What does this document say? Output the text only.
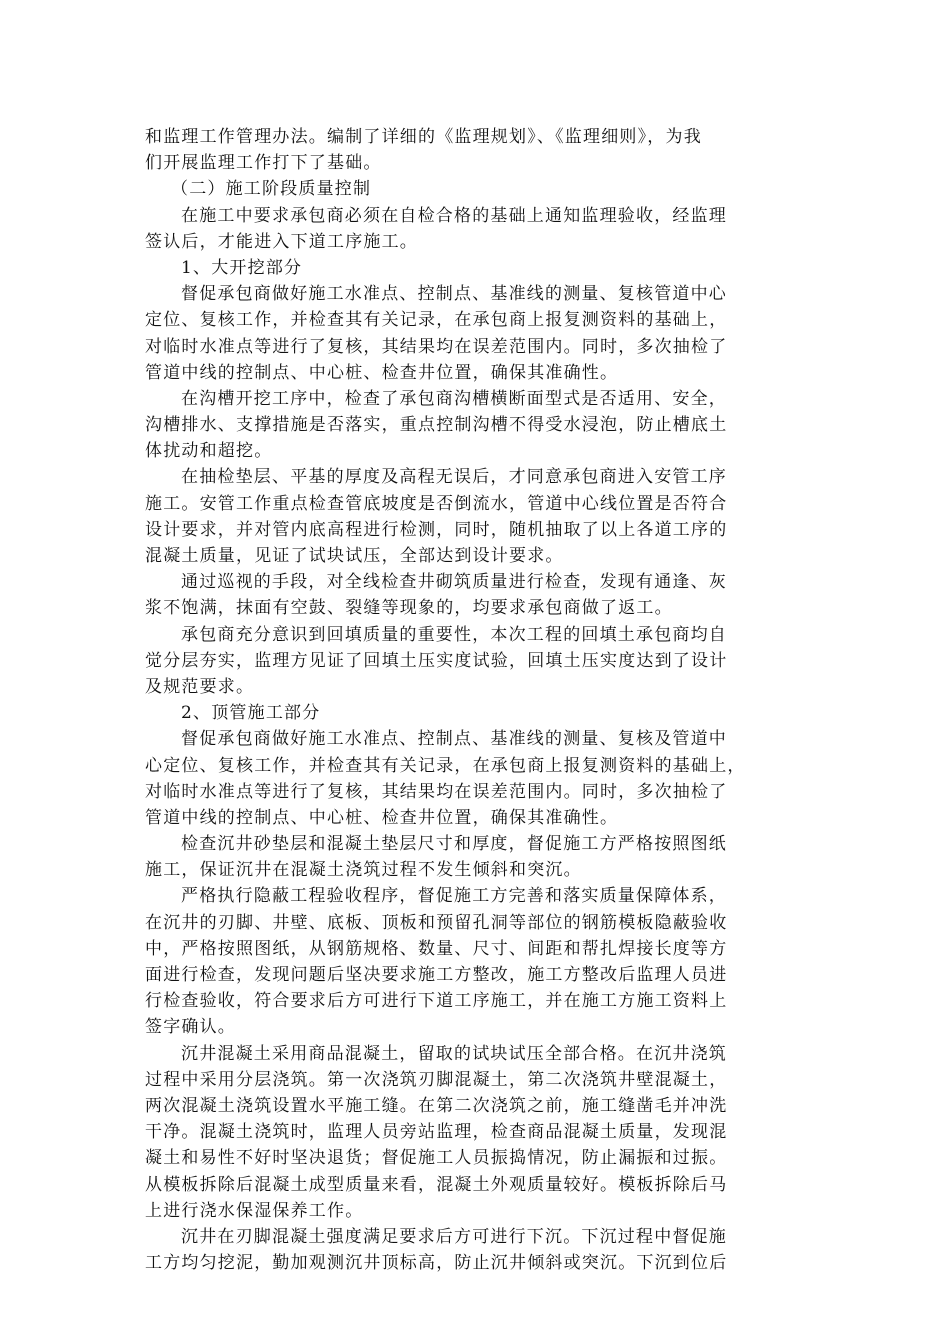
和监理工作管理办法。编制了详细的《监理规划》、《监理细则》，为我
们开展监理工作打下了基础。
（二）施工阶段质量控制
在施工中要求承包商必须在自检合格的基础上通知监理验收，经监理
签认后，才能进入下道工序施工。
1、大开挖部分
督促承包商做好施工水准点、控制点、基准线的测量、复核管道中心
定位、复核工作，并检查其有关记录，在承包商上报复测资料的基础上，
对临时水准点等进行了复核，其结果均在误差范围内。同时，多次抽检了
管道中线的控制点、中心桩、检查井位置，确保其准确性。
在沟槽开挖工序中，检查了承包商沟槽横断面型式是否适用、安全，
沟槽排水、支撑措施是否落实，重点控制沟槽不得受水浸泡，防止槽底土
体扰动和超挖。
在抽检垫层、平基的厚度及高程无误后，才同意承包商进入安管工序
施工。安管工作重点检查管底坡度是否倒流水，管道中心线位置是否符合
设计要求，并对管内底高程进行检测，同时，随机抽取了以上各道工序的
混凝土质量，见证了试块试压，全部达到设计要求。
通过巡视的手段，对全线检查井砌筑质量进行检查，发现有通逢、灰
浆不饱满，抹面有空鼓、裂缝等现象的，均要求承包商做了返工。
承包商充分意识到回填质量的重要性，本次工程的回填土承包商均自
觉分层夯实，监理方见证了回填土压实度试验，回填土压实度达到了设计
及规范要求。
2、顶管施工部分
督促承包商做好施工水准点、控制点、基准线的测量、复核及管道中
心定位、复核工作，并检查其有关记录，在承包商上报复测资料的基础上，
对临时水准点等进行了复核，其结果均在误差范围内。同时，多次抽检了
管道中线的控制点、中心桩、检查井位置，确保其准确性。
检查沉井砂垫层和混凝土垫层尺寸和厚度，督促施工方严格按照图纸
施工，保证沉井在混凝土浇筑过程不发生倾斜和突沉。
严格执行隐蔽工程验收程序，督促施工方完善和落实质量保障体系，
在沉井的刃脚、井壁、底板、顶板和预留孔洞等部位的钢筋模板隐蔽验收
中，严格按照图纸，从钢筋规格、数量、尺寸、间距和帮扎焊接长度等方
面进行检查，发现问题后坚决要求施工方整改，施工方整改后监理人员进
行检查验收，符合要求后方可进行下道工序施工，并在施工方施工资料上
签字确认。
沉井混凝土采用商品混凝土，留取的试块试压全部合格。在沉井浇筑
过程中采用分层浇筑。第一次浇筑刃脚混凝土，第二次浇筑井壁混凝土，
两次混凝土浇筑设置水平施工缝。在第二次浇筑之前，施工缝凿毛并冲洗
干净。混凝土浇筑时，监理人员旁站监理，检查商品混凝土质量，发现混
凝土和易性不好时坚决退货；督促施工人员振捣情况，防止漏振和过振。
从模板拆除后混凝土成型质量来看，混凝土外观质量较好。模板拆除后马
上进行浇水保湿保养工作。
沉井在刃脚混凝土强度满足要求后方可进行下沉。下沉过程中督促施
工方均匀挖泥，勤加观测沉井顶标高，防止沉井倾斜或突沉。下沉到位后
